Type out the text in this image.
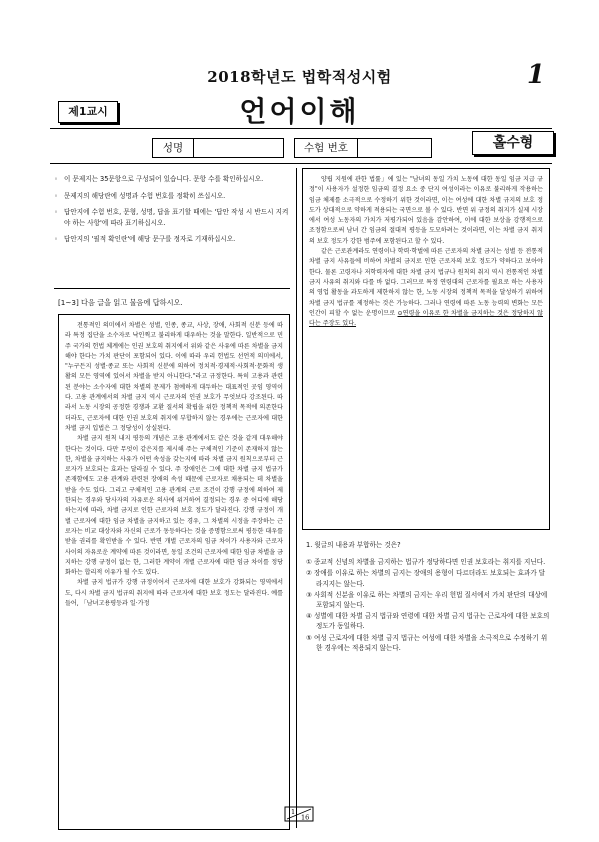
2018학년도 법학적성시험	1
제1교시	언어이해
성명	수험 번호	홀수형
◦ 이 문제지는 35문항으로 구성되어 있습니다. 문항 수를 확인하십시오.
◦ 문제지의 해당란에 성명과 수험 번호를 정확히 쓰십시오.
◦ 답안지에 수험 번호, 문형, 성명, 답을 표기할 때에는 '답안 작성 시 반드시 지켜야 하는 사항'에 따라 표기하십시오.
◦ 답안지의 '필적 확인란'에 해당 문구를 정자로 기재하십시오.
[1~3] 다음 글을 읽고 물음에 답하시오.

전통적인 의미에서 차별은 성별, 인종, 종교, 사상, 장애, 사회적 신분 등에 따라 특정 집단을 소수자로 낙인찍고 불리하게 대우하는 것을 말한다. 일반적으로 민주 국가의 헌법 체계에는 인권 보호의 취지에서 위와 같은 사유에 따른 차별을 금지해야 한다는 가치 판단이 포함되어 있다. 이에 따라 우리 헌법도 선언적 의미에서, "누구든지 성별·종교 또는 사회적 신분에 의하여 정치적·경제적·사회적·문화적 생활의 모든 영역에 있어서 차별을 받지 아니한다."라고 규정한다. 특히 고용과 관련된 분야는 소수자에 대한 차별의 문제가 첨예하게 대두하는 대표적인 곳임 영역이다. 고용 관계에서의 차별 금지 역시 근로자의 인권 보호가 무엇보다 강조된다. 따라서 노동 시장의 공정한 경쟁과 교환 질서의 확립을 위한 정책적 목적에 의존한다더라도, 근로자에 대한 인권 보호의 취지에 부합하지 않는 경우에는 근로자에 대한 차별 금지 입법은 그 정당성이 상실된다.

차별 금지 원칙 내지 평등의 개념은 고용 관계에서도 같은 것을 같게 대우해야 한다는 것이다. 다만 무엇이 같은지를 제시해 주는 구체적인 기준이 존재하지 않는 한, 차별을 금지하는 사유가 어떤 속성을 갖는지에 따라 차별 금지 원칙으로부터 근로자가 보호되는 효과는 달라질 수 있다. 주 장애인은 그에 대한 차별 금지 법규가 존재함에도 고용 관계와 관련된 장애의 속성 때문에 근로자로 채용되는 데 차별을 받을 수도 있다. 그리고 구체적인 고용 관계의 근로 조건이 강행 규정에 의하여 제한되는 경우와 당사자의 자유로운 의사에 위거하여 결정되는 경우 중 어디에 해당하는지에 따라, 차별 금지로 인한 근로자의 보호 정도가 달라진다. 강행 규정이 개별 근로자에 대한 임금 차별을 금지하고 있는 경우, 그 차별의 시정을 주장하는 근로자는 비교 대상자와 자신의 근로가 동등하다는 것을 증명함으로써 평등한 대우를 받을 권리를 확인받을 수 있다. 반면 개별 근로자의 임금 차이가 사용자와 근로자 사이의 자유로운 계약에 따른 것이라면, 동일 조건의 근로자에 대한 임금 차별을 금지하는 강행 규정이 없는 한, 그러한 계약이 개별 근로자에 대한 임금 차이를 정당화하는 합리적 이유가 될 수도 있다.

차별 금지 법규가 강행 규정이어서 근로자에 대한 보호가 강화되는 영역에서도, 다시 차별 금지 법규의 취지에 따라 근로자에 대한 보호 정도는 달라진다. 예를 들어, 「남녀고용평등과 일·가정

양립 지원에 관한 법률」에 있는 "남녀의 동일 가치 노동에 대한 동일 임금 지급 규정"이 사용자가 설정한 임금의 결정 요소 중 단지 여성이라는 이유로 불리하게 작용하는 임금 체제를 소극적으로 수정하기 위한 것이라면, 이는 여성에 대한 차별 규지의 보호 정도가 상대적으로 약하게 적용되는 국면으로 볼 수 있다. 반면 위 규정의 취지가 실제 시장에서 여성 노동자의 가치가 저평가되어 있음을 감안하여, 이에 대한 보상을 강행적으로 조정함으로써 남녀 간 임금의 절대적 평등을 도모하려는 것이라면, 이는 차별 금지 취지의 보호 정도가 강한 범주에 포함된다고 할 수 있다.

같은 근로관계라도 연령이나 학력·학벌에 따른 근로자의 차별 금지는 성별 등 전통적 차별 금지 사유들에 비하여 차별의 금지로 인한 근로자의 보호 정도가 약하다고 보아야 한다. 물론 고령자나 저학력자에 대한 차별 금지 법규나 원칙의 취지 역시 전통적인 차별 금지 사유의 취지와 다를 바 없다. 그러므로 특정 연령대의 근로자를 필요로 하는 사용자의 영업 활동을 과도하게 제한하지 않는 한, 노동 시장의 정책적 목적을 달성하기 위하여 차별 금지 법규를 제정하는 것은 가능하다. 그러나 연령에 따른 노동 능력의 변화는 모든 인간이 피할 수 없는 운명이므로 ⊙연령을 이유로 한 차별을 금지하는 것은 정당하지 않다는 주장도 있다.

1. 윗글의 내용과 부합하는 것은?
① 종교적 신념의 차별을 금지하는 법규가 정당하다면 인권 보호라는 취지를 지닌다.
② 장애를 이유로 하는 차별의 금지는 장애의 용형이 다르더라도 보호되는 효과가 달라지지는 않는다.
③ 사회적 신분을 이유로 하는 차별의 금지는 우리 헌법 질서에서 가치 판단의 대상에 포함되지 않는다.
④ 성별에 대한 차별 금지 법규와 연령에 대한 차별 금지 법규는 근로자에 대한 보호의 정도가 동일하다.
⑤ 여성 근로자에 대한 차별 금지 법규는 여성에 대한 차별을 소극적으로 수정하기 위한 경우에는 적용되지 않는다.
1
16
